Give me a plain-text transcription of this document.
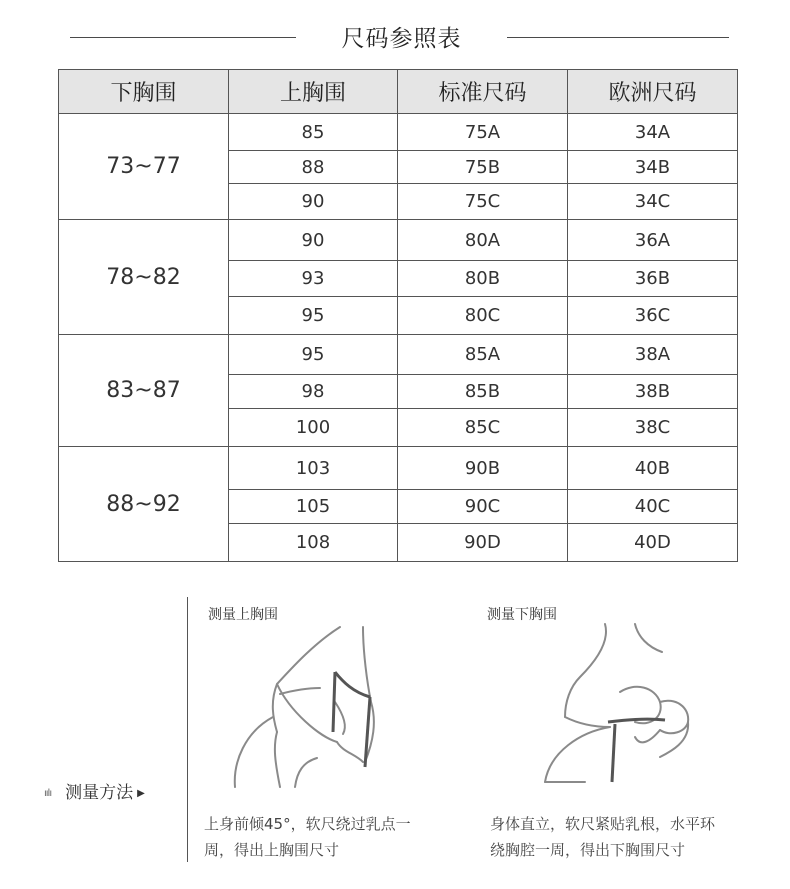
尺码参照表
下胸围	上胸围	标准尺码	欧洲尺码
73~77	85	75A	34A
	88	75B	34B
	90	75C	34C
78~82	90	80A	36A
	93	80B	36B
	95	80C	36C
83~87	95	85A	38A
	98	85B	38B
	100	85C	38C
88~92	103	90B	40B
	105	90C	40C
	108	90D	40D
ıılı 测量方法 ▶
测量上胸围
上身前倾45°，软尺绕过乳点一
周，得出上胸围尺寸
测量下胸围
身体直立，软尺紧贴乳根，水平环
绕胸腔一周，得出下胸围尺寸
